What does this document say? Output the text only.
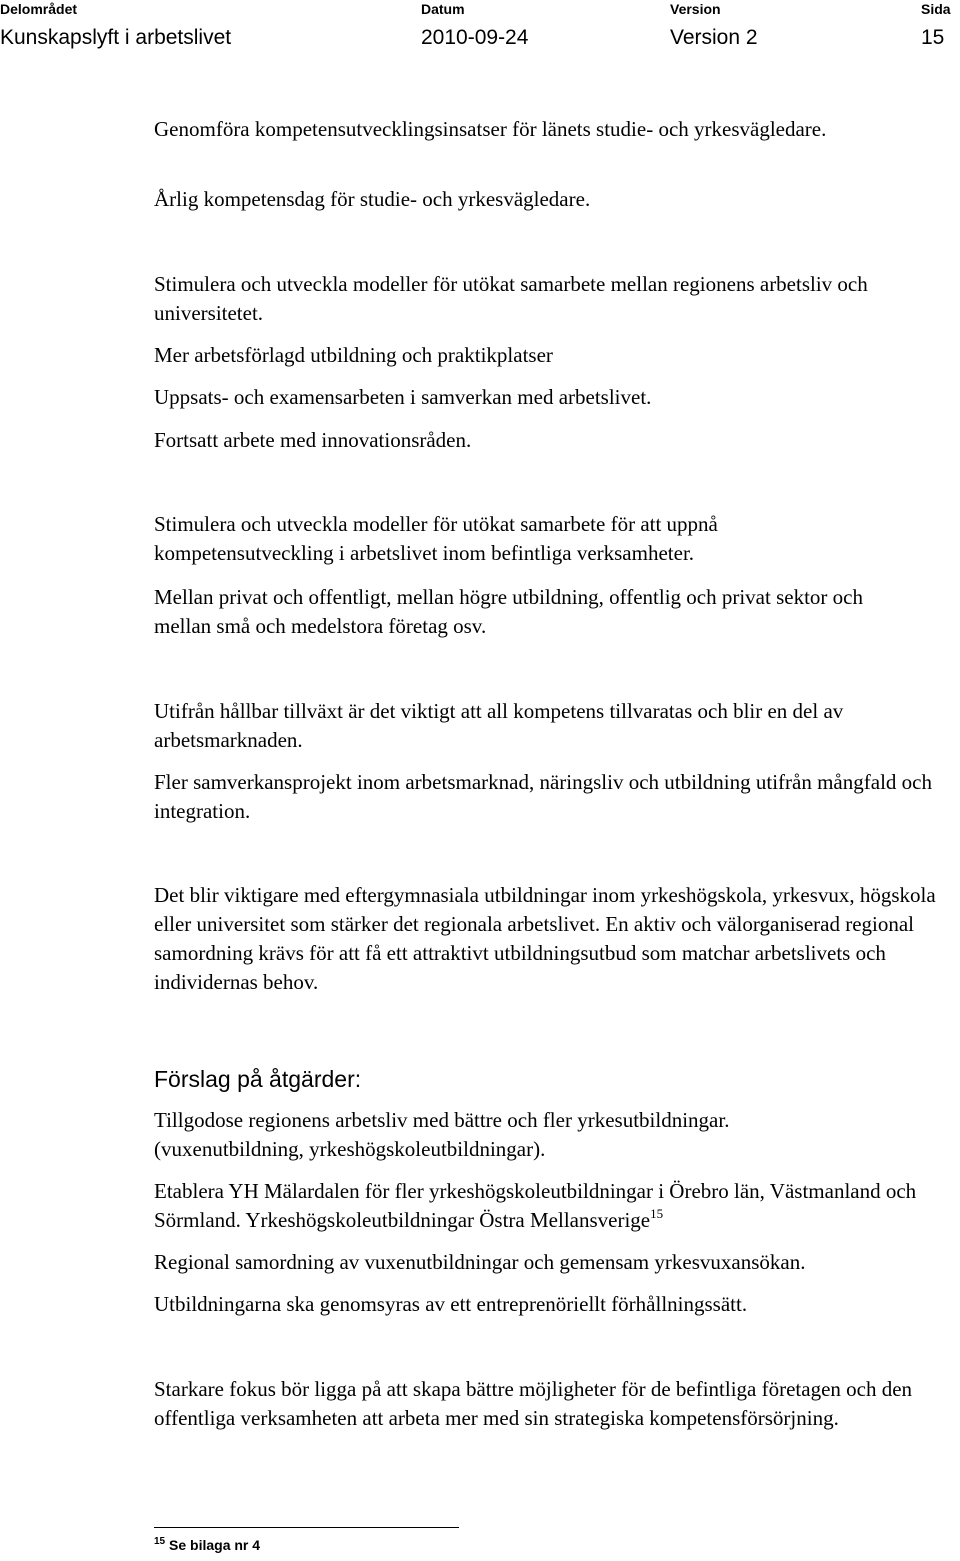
Delområdet	Datum	Version	Sida
Kunskapslyft i arbetslivet	2010-09-24	Version 2	15

Genomföra kompetensutvecklingsinsatser för länets studie- och yrkesvägledare.

Årlig kompetensdag för studie- och yrkesvägledare.

Stimulera och utveckla modeller för utökat samarbete mellan regionens arbetsliv och universitetet.

Mer arbetsförlagd utbildning och praktikplatser

Uppsats- och examensarbeten i samverkan med arbetslivet.

Fortsatt arbete med innovationsråden.

Stimulera och utveckla modeller för utökat samarbete för att uppnå kompetensutveckling i arbetslivet inom befintliga verksamheter.

Mellan privat och offentligt, mellan högre utbildning, offentlig och privat sektor och mellan små och medelstora företag osv.

Utifrån hållbar tillväxt är det viktigt att all kompetens tillvaratas och blir en del av arbetsmarknaden.

Fler samverkansprojekt inom arbetsmarknad, näringsliv och utbildning utifrån mångfald och integration.

Det blir viktigare med eftergymnasiala utbildningar inom yrkeshögskola, yrkesvux, högskola eller universitet som stärker det regionala arbetslivet. En aktiv och välorganiserad regional samordning krävs för att få ett attraktivt utbildningsutbud som matchar arbetslivets och individernas behov.

Förslag på åtgärder:

Tillgodose regionens arbetsliv med bättre och fler yrkesutbildningar. (vuxenutbildning, yrkeshögskoleutbildningar).

Etablera YH Mälardalen för fler yrkeshögskoleutbildningar i Örebro län, Västmanland och Sörmland. Yrkeshögskoleutbildningar Östra Mellansverige$^{15}$

Regional samordning av vuxenutbildningar och gemensam yrkesvuxansökan.

Utbildningarna ska genomsyras av ett entreprenöriellt förhållningssätt.

Starkare fokus bör ligga på att skapa bättre möjligheter för de befintliga företagen och den offentliga verksamheten att arbeta mer med sin strategiska kompetensförsörjning.

$^{15}$ Se bilaga nr 4
